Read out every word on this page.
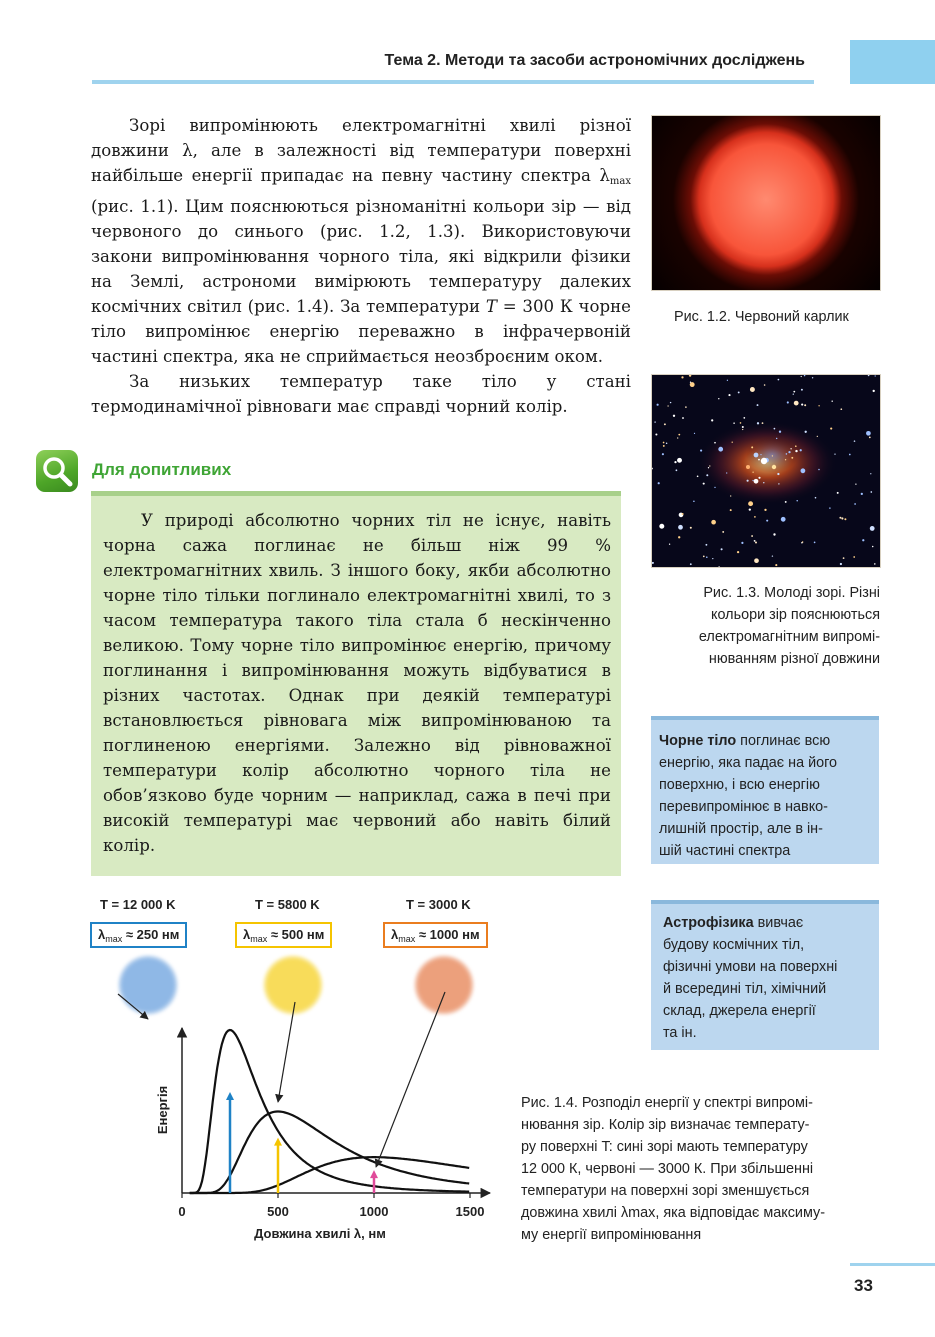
Тема 2. Методи та засоби астрономічних досліджень

Зорі випромінюють електромагнітні хвилі різної довжини λ, але в залежності від температури поверхні найбільше енергії припадає на певну частину спектра $\lambda_{max}$ (рис. 1.1). Цим пояснюються різноманітні кольори зір — від червоного до синього (рис. 1.2, 1.3). Використовуючи закони випромінювання чорного тіла, які відкрили фізики на Землі, астрономи вимірюють температуру далеких космічних світил (рис. 1.4). За температури T = 300 К чорне тіло випромінює енергію переважно в інфрачервоній частині спектра, яка не сприймається неозброєним оком.

За низьких температур таке тіло у стані термодинамічної рівноваги має справді чорний колір.

Рис. 1.2. Червоний карлик
Рис. 1.3. Молоді зорі. Різні
кольори зір пояснюються
електромагнітним випромі-
нюванням різної довжини
Для допитливих

У природі абсолютно чорних тіл не існує, навіть чорна сажа поглинає не більш ніж 99 % електромагнітних хвиль. З іншого боку, якби абсолютно чорне тіло тільки поглинало електромагнітні хвилі, то з часом температура такого тіла стала б нескінченно великою. Тому чорне тіло випромінює енергію, причому поглинання і випромінювання можуть відбуватися в різних частотах. Однак при деякій температурі встановлюється рівновага між випромінюваною та поглиненою енергіями. Залежно від рівноважної температури колір абсолютно чорного тіла не обов’язково буде чорним — наприклад, сажа в печі при високій температурі має червоний або навіть білий колір.

Чорне тіло поглинає всю
енергію, яка падає на його
поверхню, і всю енергію
перевипромінює в навко-
лишній простір, але в ін-
шій частині спектра
Астрофізика вивчає
будову космічних тіл,
фізичні умови на поверхні
й всередині тіл, хімічний
склад, джерела енергії
та ін.
T = 12 000 K	T = 5800 K	T = 3000 K
$\lambda_{max} \approx 250$ нм	$\lambda_{max} \approx 500$ нм	$\lambda_{max} \approx 1000$ нм
0	500	1000	1500
Енергія
Довжина хвилі λ, нм
Рис. 1.4. Розподіл енергії у спектрі випромі-
нювання зір. Колір зір визначає температу-
ру поверхні T: сині зорі мають температуру
12 000 К, червоні — 3000 К. При збільшенні
температури на поверхні зорі зменшується
довжина хвилі λmax, яка відповідає максиму-
му енергії випромінювання
33
